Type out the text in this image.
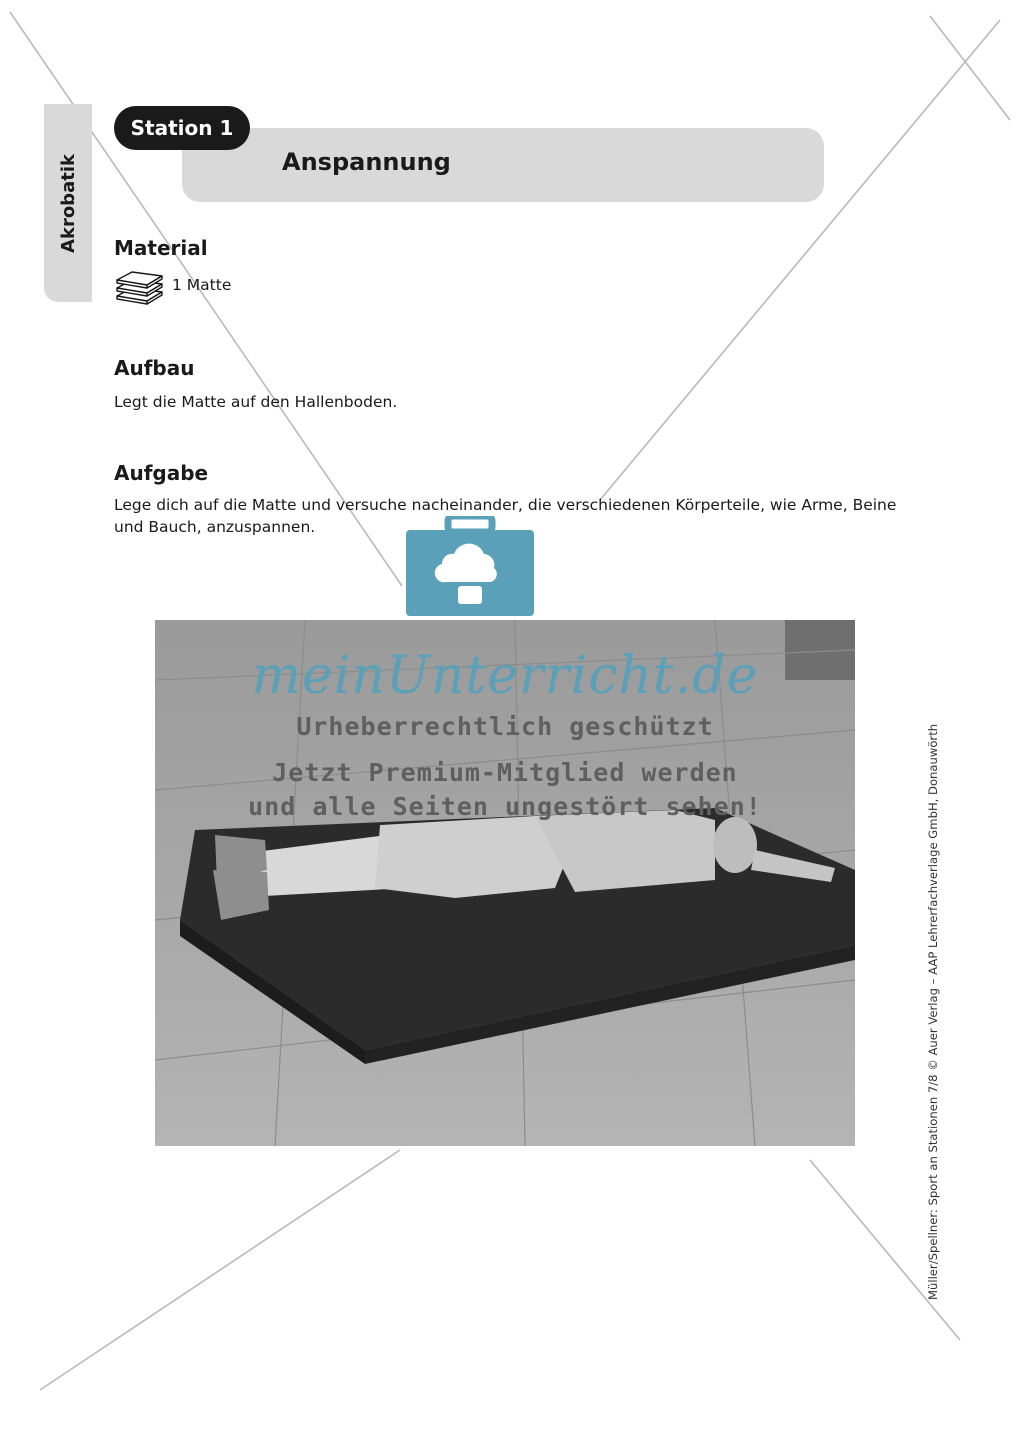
Akrobatik
Station 1
Anspannung
Material
1 Matte
Aufbau
Legt die Matte auf den Hallenboden.
Aufgabe
Lege dich auf die Matte und versuche nacheinander, die verschiedenen Körperteile, wie Arme, Beine
und Bauch, anzuspannen.
meinUnterricht.de
Urheberrechtlich geschützt
Jetzt Premium-Mitglied werden
und alle Seiten ungestört sehen!	Müller/Spellner: Sport an Stationen 7/8 © Auer Verlag – AAP Lehrerfachverlage GmbH, Donauwörth
